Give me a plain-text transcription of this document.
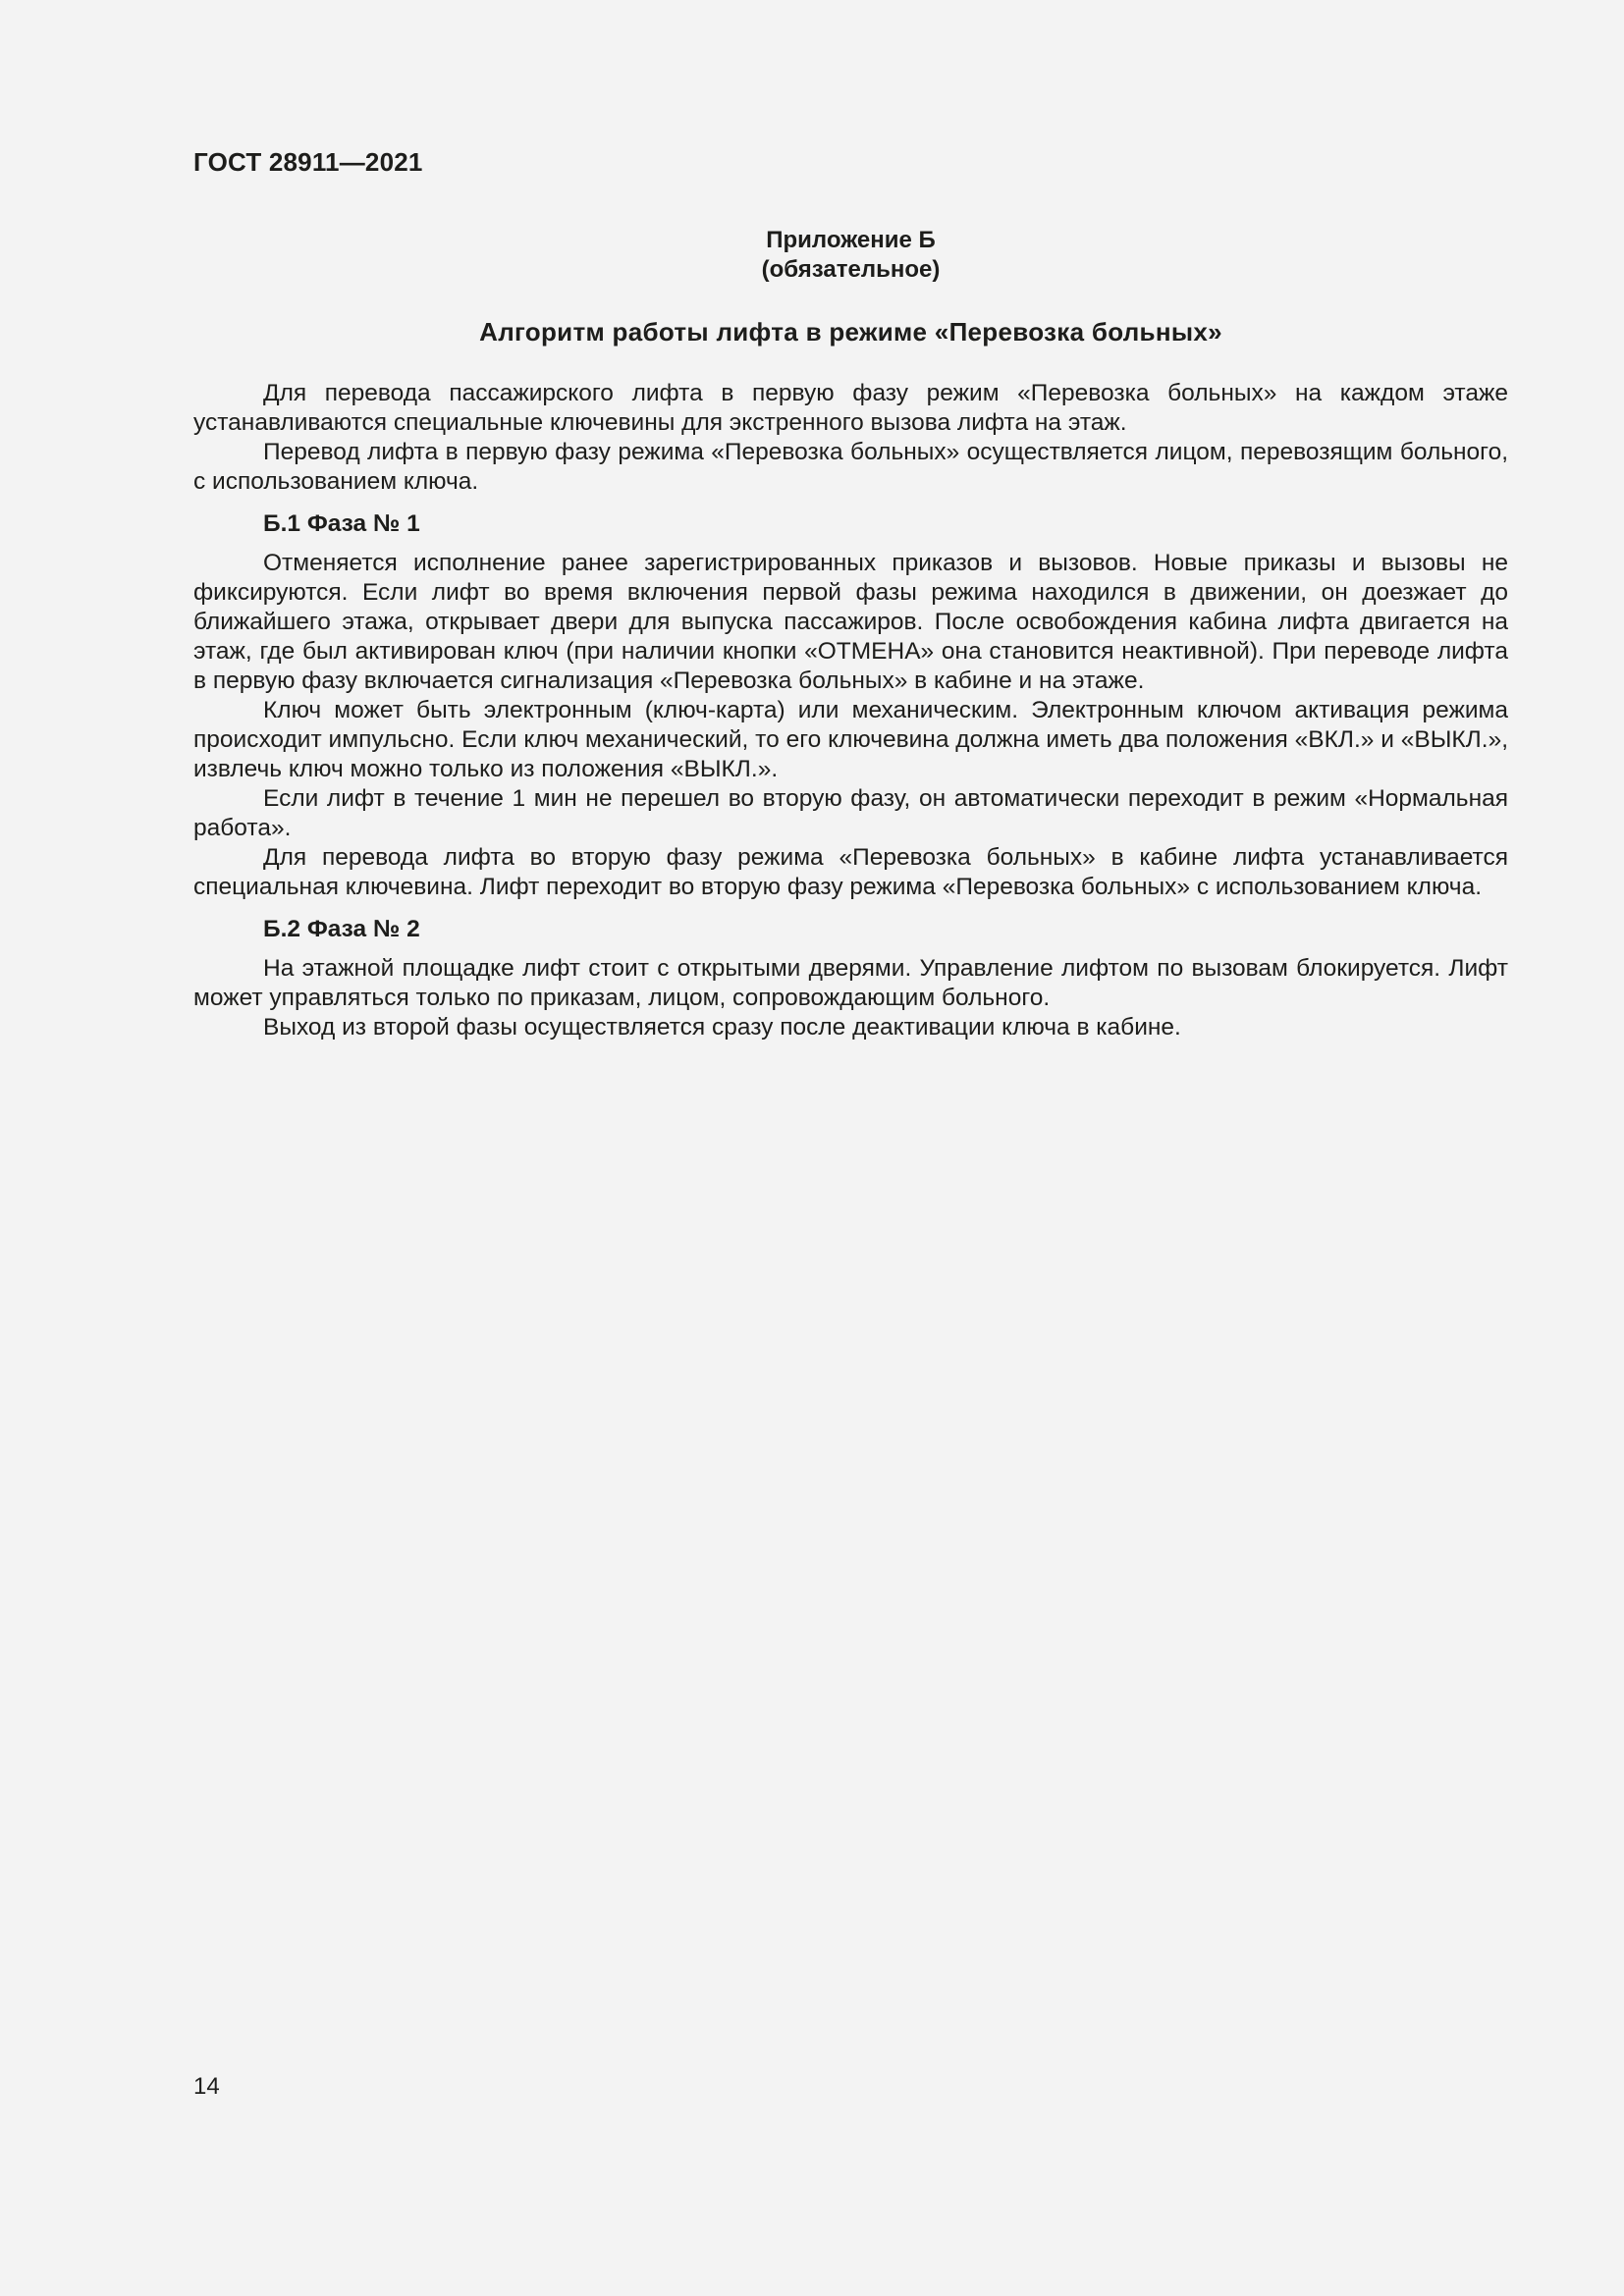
ГОСТ 28911—2021
Приложение Б
(обязательное)
Алгоритм работы лифта в режиме «Перевозка больных»

Для перевода пассажирского лифта в первую фазу режим «Перевозка больных» на каждом этаже устанавливаются специальные ключевины для экстренного вызова лифта на этаж.

Перевод лифта в первую фазу режима «Перевозка больных» осуществляется лицом, перевозящим больного, с использованием ключа.

Б.1 Фаза № 1

Отменяется исполнение ранее зарегистрированных приказов и вызовов. Новые приказы и вызовы не фиксируются. Если лифт во время включения первой фазы режима находился в движении, он доезжает до ближайшего этажа, открывает двери для выпуска пассажиров. После освобождения кабина лифта двигается на этаж, где был активирован ключ (при наличии кнопки «ОТМЕНА» она становится неактивной). При переводе лифта в первую фазу включается сигнализация «Перевозка больных» в кабине и на этаже.

Ключ может быть электронным (ключ-карта) или механическим. Электронным ключом активация режима происходит импульсно. Если ключ механический, то его ключевина должна иметь два положения «ВКЛ.» и «ВЫКЛ.», извлечь ключ можно только из положения «ВЫКЛ.».

Если лифт в течение 1 мин не перешел во вторую фазу, он автоматически переходит в режим «Нормальная работа».

Для перевода лифта во вторую фазу режима «Перевозка больных» в кабине лифта устанавливается специальная ключевина. Лифт переходит во вторую фазу режима «Перевозка больных» с использованием ключа.

Б.2 Фаза № 2

На этажной площадке лифт стоит с открытыми дверями. Управление лифтом по вызовам блокируется. Лифт может управляться только по приказам, лицом, сопровождающим больного.

Выход из второй фазы осуществляется сразу после деактивации ключа в кабине.

14
